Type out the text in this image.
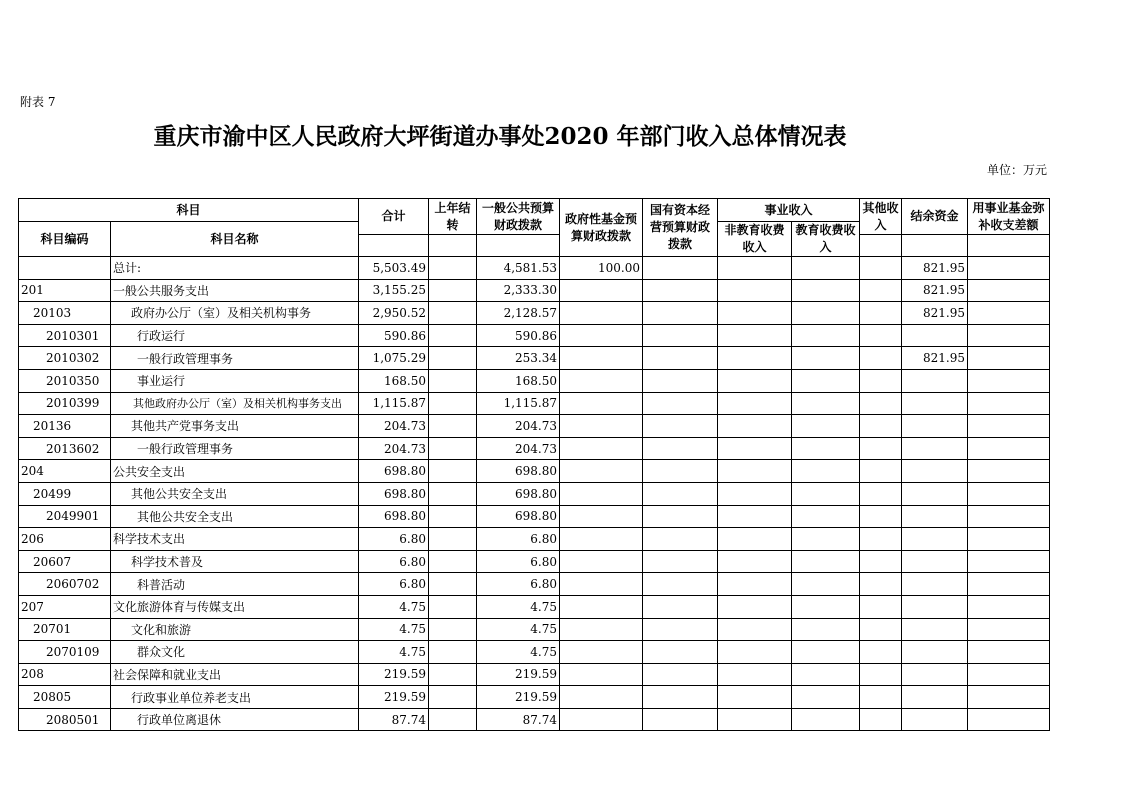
附表 7
重庆市渝中区人民政府大坪街道办事处2020 年部门收入总体情况表
单位：万元
科目		合计	上年结转	一般公共预算财政拨款	政府性基金预算财政拨款	国有资本经营预算财政拨款	事业收入		其他收入	结余资金	用事业基金弥补收支差额
科目编码	科目名称						非教育收费收入	教育收费收入			

	总计:	5,503.49		4,581.53	100.00					821.95	
201	一般公共服务支出	3,155.25		2,333.30						821.95	
20103	政府办公厅（室）及相关机构事务	2,950.52		2,128.57						821.95	
2010301	行政运行	590.86		590.86							
2010302	一般行政管理事务	1,075.29		253.34						821.95	
2010350	事业运行	168.50		168.50							
2010399	其他政府办公厅（室）及相关机构事务支出	1,115.87		1,115.87							
20136	其他共产党事务支出	204.73		204.73							
2013602	一般行政管理事务	204.73		204.73							
204	公共安全支出	698.80		698.80							
20499	其他公共安全支出	698.80		698.80							
2049901	其他公共安全支出	698.80		698.80							
206	科学技术支出	6.80		6.80							
20607	科学技术普及	6.80		6.80							
2060702	科普活动	6.80		6.80							
207	文化旅游体育与传媒支出	4.75		4.75							
20701	文化和旅游	4.75		4.75							
2070109	群众文化	4.75		4.75							
208	社会保障和就业支出	219.59		219.59							
20805	行政事业单位养老支出	219.59		219.59							
2080501	行政单位离退休	87.74		87.74							
